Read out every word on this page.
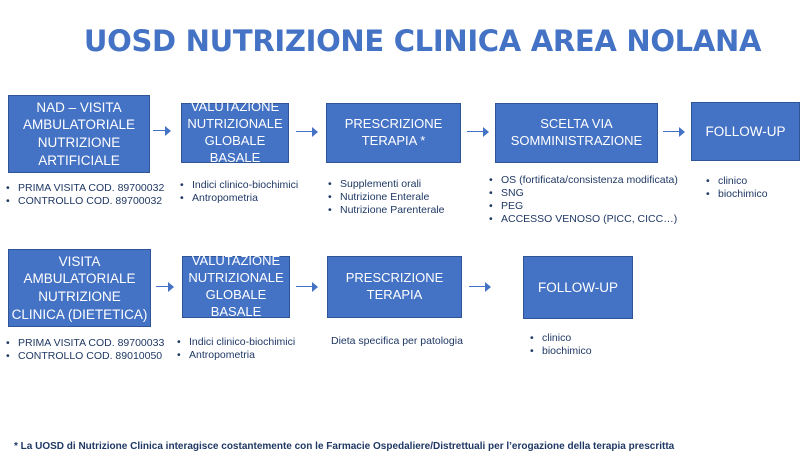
UOSD NUTRIZIONE CLINICA AREA NOLANA
NAD – VISITA
AMBULATORIALE
NUTRIZIONE
ARTIFICIALE
VALUTAZIONE
NUTRIZIONALE
GLOBALE BASALE
PRESCRIZIONE
TERAPIA *
SCELTA VIA
SOMMINISTRAZIONE
FOLLOW-UP
• PRIMA VISITA COD. 89700032
• CONTROLLO COD. 89700032
• Indici clinico-biochimici
• Antropometria
• Supplementi orali
• Nutrizione Enterale
• Nutrizione Parenterale
• OS (fortificata/consistenza modificata)
• SNG
• PEG
• ACCESSO VENOSO (PICC, CICC…)
• clinico
• biochimico
VISITA
AMBULATORIALE
NUTRIZIONE
CLINICA (DIETETICA)
VALUTAZIONE
NUTRIZIONALE
GLOBALE BASALE
PRESCRIZIONE
TERAPIA	FOLLOW-UP
• PRIMA VISITA COD. 89700033
• CONTROLLO COD. 89010050
• Indici clinico-biochimici
• Antropometria
Dieta specifica per patologia
•	clinico
• biochimico
* La UOSD di Nutrizione Clinica interagisce costantemente con le Farmacie Ospedaliere/Distrettuali per l’erogazione della terapia prescritta
